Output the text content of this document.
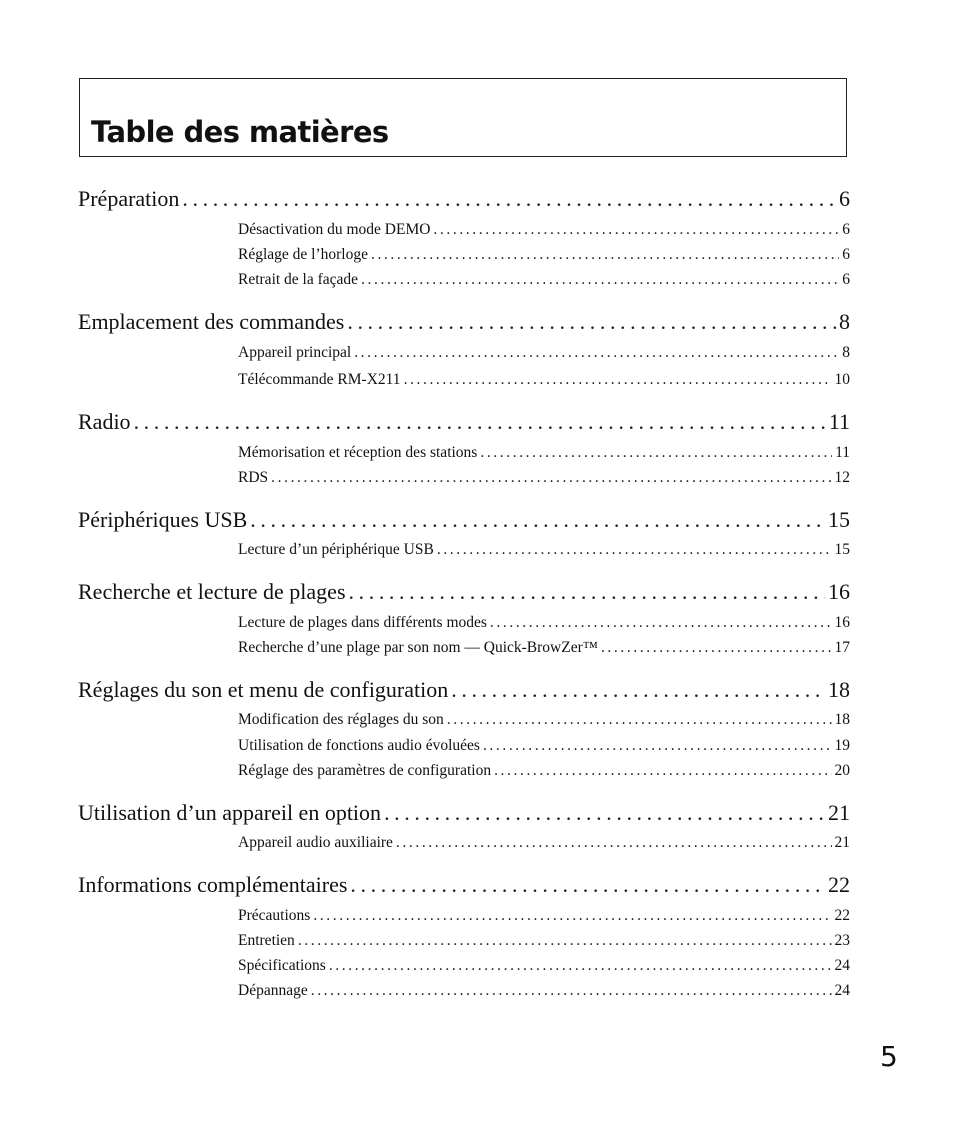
Table des matières
Préparation .....	6
Désactivation du mode DEMO .....	6
Réglage de l’horloge .....	6
Retrait de la façade .....	6
Emplacement des commandes .....	8
Appareil principal .....	8
Télécommande RM-X211 .....	10
Radio .....	11
Mémorisation et réception des stations .....	11
RDS .....	12
Périphériques USB .....	15
Lecture d’un périphérique USB .....	15
Recherche et lecture de plages .....	16
Lecture de plages dans différents modes .....	16
Recherche d’une plage par son nom — Quick-BrowZer™ .....	17
Réglages du son et menu de configuration .....	18
Modification des réglages du son .....	18
Utilisation de fonctions audio évoluées .....	19
Réglage des paramètres de configuration .....	20
Utilisation d’un appareil en option .....	21
Appareil audio auxiliaire .....	21
Informations complémentaires .....	22
Précautions .....	22
Entretien .....	23
Spécifications .....	24
Dépannage .....	24
5
